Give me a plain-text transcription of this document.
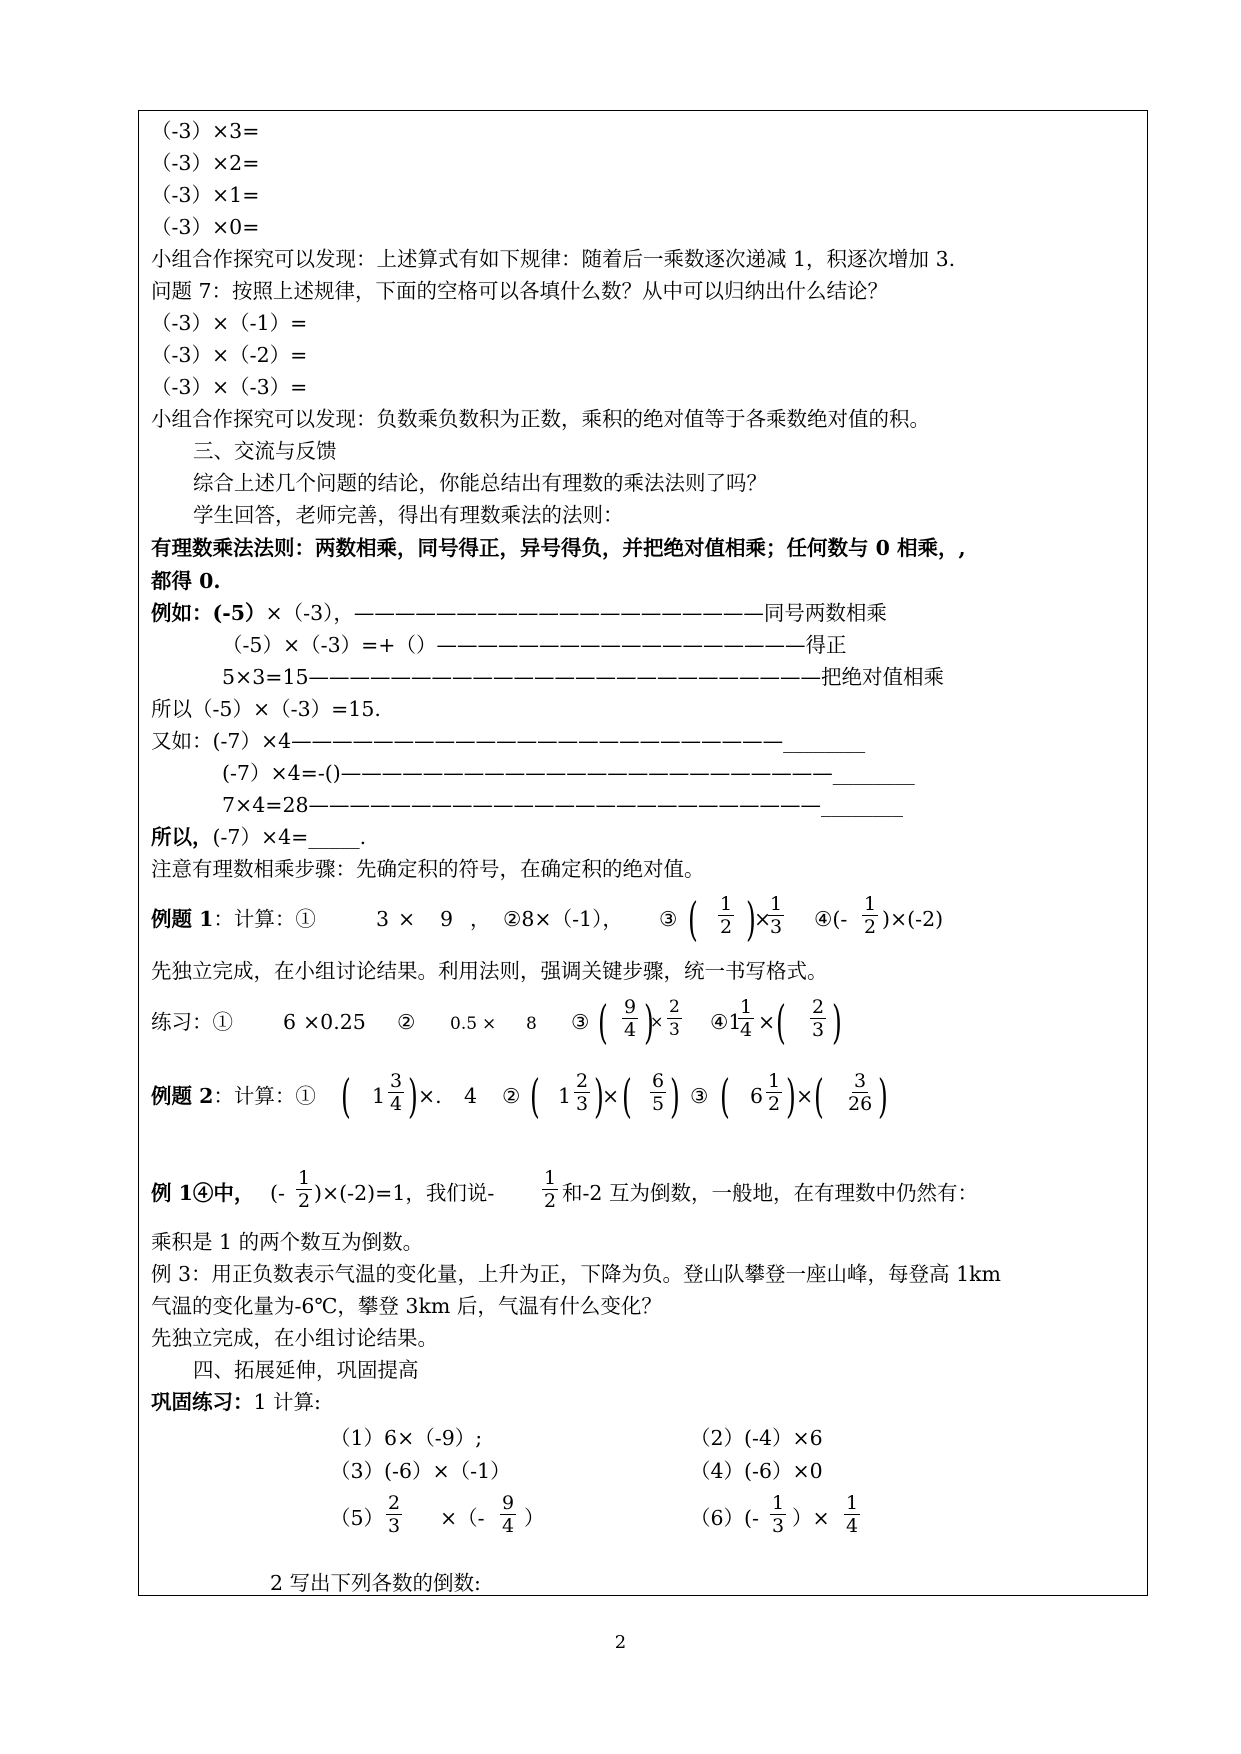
（-3）×3=
（-3）×2=
（-3）×1=
（-3）×0=
小组合作探究可以发现：上述算式有如下规律：随着后一乘数逐次递减 1，积逐次增加 3.
问题 7：按照上述规律，下面的空格可以各填什么数？从中可以归纳出什么结论？
（-3）×（-1）=
（-3）×（-2）=
（-3）×（-3）=
小组合作探究可以发现：负数乘负数积为正数，乘积的绝对值等于各乘数绝对值的积。
三、交流与反馈
综合上述几个问题的结论，你能总结出有理数的乘法法则了吗？
学生回答，老师完善，得出有理数乘法的法则：
有理数乘法法则：两数相乘，同号得正，异号得负，并把绝对值相乘；任何数与 0 相乘，,
都得 0.
例如：(-5）×（-3），————————————————————同号两数相乘
（-5）×（-3）=+（）——————————————————得正
5×3=15—————————————————————————把绝对值相乘
所以（-5）×（-3）=15.
又如：(-7）×4————————————————————————________
(-7）×4=-()————————————————————————________
7×4=28—————————————————————————________
所以，(-7）×4=_____.
注意有理数相乘步骤：先确定积的符号，在确定积的绝对值。
例题 1：计算：①	3 × 9 ， ②8×（-1）， ③ ( $\frac{1}{2}$ )
×
$\frac{1}{3}$ ④(- $\frac{1}{2} )\times(-2)$
先独立完成，在小组讨论结果。利用法则，强调关键步骤，统一书写格式。
练习：① 6 ×0.25 ② 0.5 × 8 ③ ( $\frac{9}{4}$ )
× $\frac{2}{3}$ ④1
$\frac{1}{4}$ × ( $\frac{2}{3}$ )
例题 2：计算：① ( $1 \frac{3}{4}$ ) ×. 4 ② ( $1 \frac{2}{3}$ )
× ( $\frac{6}{5}$ ) ③ ( $6 \frac{1}{2}$ ) × ( $\frac{3}{26}$ )
例 1④中， (- $\frac{1}{2} )\times(-2)=1$，我们说-	$\frac{1}{2}$ 和-2 互为倒数，一般地，在有理数中仍然有：
乘积是 1 的两个数互为倒数。
例 3：用正负数表示气温的变化量，上升为正，下降为负。登山队攀登一座山峰，每登高 1km
气温的变化量为-6℃，攀登 3km 后，气温有什么变化？
先独立完成，在小组讨论结果。
四、拓展延伸，巩固提高
巩固练习：1 计算:
（1）6×（-9）;	（2）(-4）×6
（3）(-6）×（-1）	（4）(-6）×0
$(5) \frac{2}{3}$ ×（- $\frac{9}{4}$ ）	$(6)(- \frac{1}{3}$ ）× $\frac{1}{4}$
2 写出下列各数的倒数:
2
